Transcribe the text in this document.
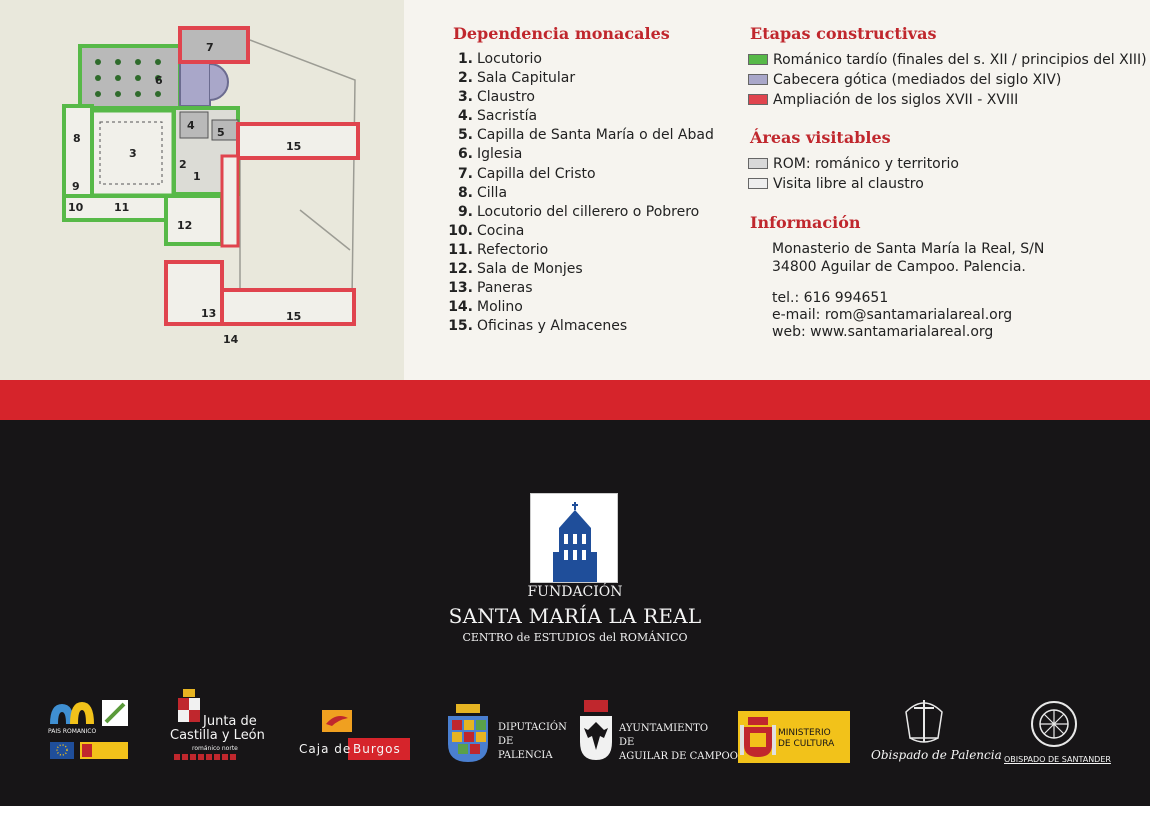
7
6
4
5
15
3
2
1
8
9
10	11
12
13	15
14
Dependencia monacales
1. Locutorio
2. Sala Capitular
3. Claustro
4. Sacristía
5. Capilla de Santa María o del Abad
6. Iglesia
7. Capilla del Cristo
8. Cilla
9. Locutorio del cillerero o Pobrero
10. Cocina
11. Refectorio
12. Sala de Monjes
13. Paneras
14. Molino
15. Oficinas y Almacenes
Etapas constructivas
Románico tardío (finales del s. XII / principios del XIII)
Cabecera gótica (mediados del siglo XIV)
Ampliación de los siglos XVII - XVIII
Áreas visitables
ROM: románico y territorio
Visita libre al claustro
Información
Monasterio de Santa María la Real, S/N
34800 Aguilar de Campoo. Palencia.
tel.: 616 994651
e-mail: rom@santamarialareal.org
web: www.santamarialareal.org
FUNDACIÓN
SANTA MARÍA LA REAL
CENTRO de ESTUDIOS del ROMÁNICO
PAIS ROMANICO
Junta de
Castilla y León
románico norte	Caja de Burgos
DIPUTACIÓN
DE
PALENCIA
AYUNTAMIENTO
DE
AGUILAR DE CAMPOO
MINISTERIO
DE CULTURA
Obispado de Palencia OBISPADO DE SANTANDER
